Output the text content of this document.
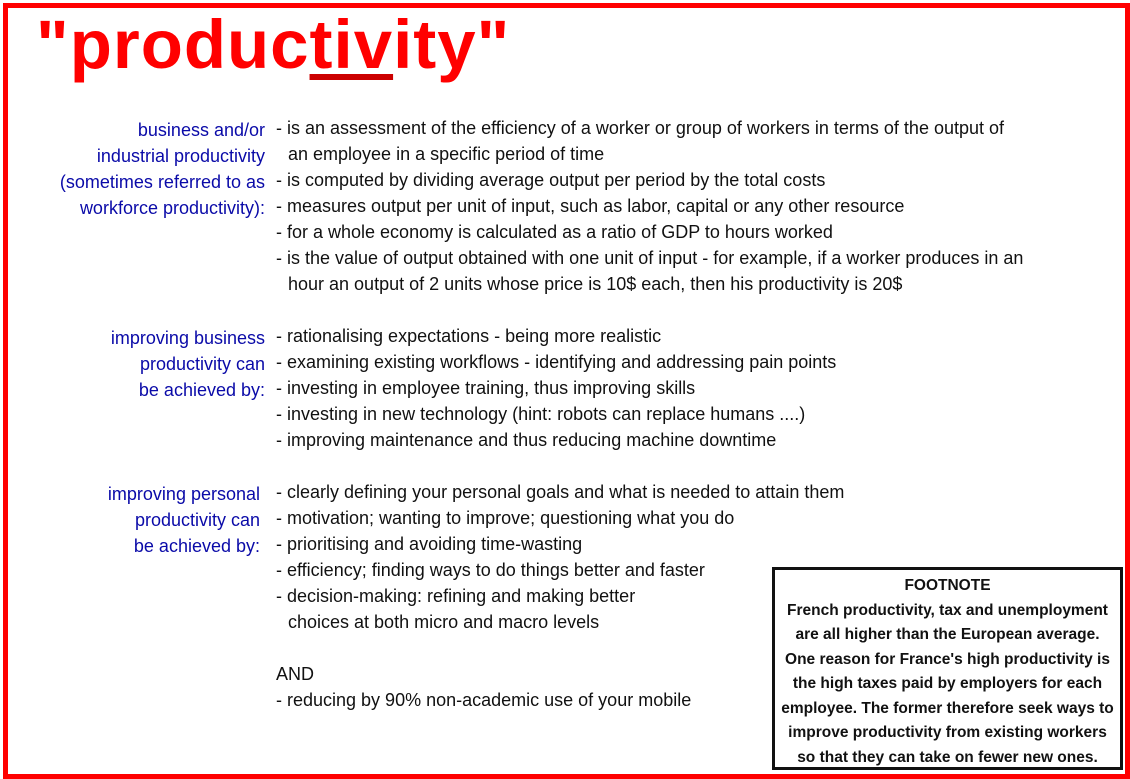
"productivity"
business and/or
industrial productivity
(sometimes referred to as
workforce productivity):
- is an assessment of the efficiency of a worker or group of workers in terms of the output of
an employee in a specific period of time
- is computed by dividing average output per period by the total costs
- measures output per unit of input, such as labor, capital or any other resource
- for a whole economy is calculated as a ratio of GDP to hours worked
- is the value of output obtained with one unit of input - for example, if a worker produces in an
hour an output of 2 units whose price is 10$ each, then his productivity is 20$
improving business
productivity can
be achieved by:
- rationalising expectations - being more realistic
- examining existing workflows - identifying and addressing pain points
- investing in employee training, thus improving skills
- investing in new technology (hint: robots can replace humans ....)
- improving maintenance and thus reducing machine downtime
improving personal
productivity can
be achieved by:
- clearly defining your personal goals and what is needed to attain them
- motivation; wanting to improve; questioning what you do
- prioritising and avoiding time-wasting
- efficiency; finding ways to do things better and faster
- decision-making: refining and making better
choices at both micro and macro levels
AND
- reducing by 90% non-academic use of your mobile
FOOTNOTE
French productivity, tax and unemployment
are all higher than the European average.
One reason for France's high productivity is
the high taxes paid by employers for each
employee. The former therefore seek ways to
improve productivity from existing workers
so that they can take on fewer new ones.
